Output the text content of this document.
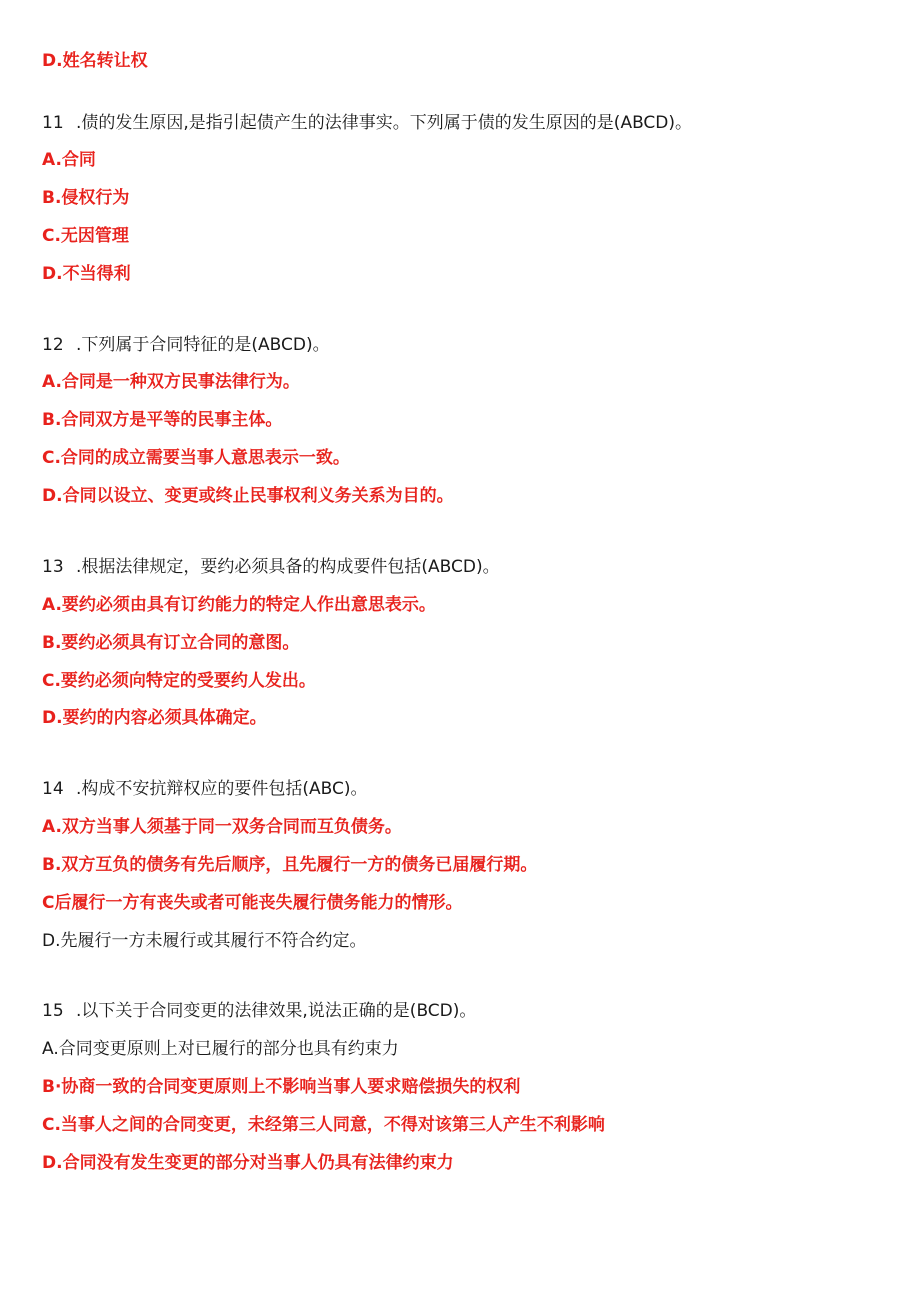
D.姓名转让权
11 .债的发生原因,是指引起债产生的法律事实。下列属于债的发生原因的是(ABCD)。
A.合同
B.侵权行为
C.无因管理
D.不当得利
12 .下列属于合同特征的是(ABCD)。
A.合同是一种双方民事法律行为。
B.合同双方是平等的民事主体。
C.合同的成立需要当事人意思表示一致。
D.合同以设立、变更或终止民事权利义务关系为目的。
13 .根据法律规定，要约必须具备的构成要件包括(ABCD)。
A.要约必须由具有订约能力的特定人作出意思表示。
B.要约必须具有订立合同的意图。
C.要约必须向特定的受要约人发出。
D.要约的内容必须具体确定。
14 .构成不安抗辩权应的要件包括(ABC)。
A.双方当事人须基于同一双务合同而互负债务。
B.双方互负的债务有先后顺序，且先履行一方的债务已届履行期。
C后履行一方有丧失或者可能丧失履行债务能力的情形。
D.先履行一方未履行或其履行不符合约定。
15 .以下关于合同变更的法律效果,说法正确的是(BCD)。
A.合同变更原则上对已履行的部分也具有约束力
B·协商一致的合同变更原则上不影响当事人要求赔偿损失的权利
C.当事人之间的合同变更，未经第三人同意，不得对该第三人产生不利影响
D.合同没有发生变更的部分对当事人仍具有法律约束力
